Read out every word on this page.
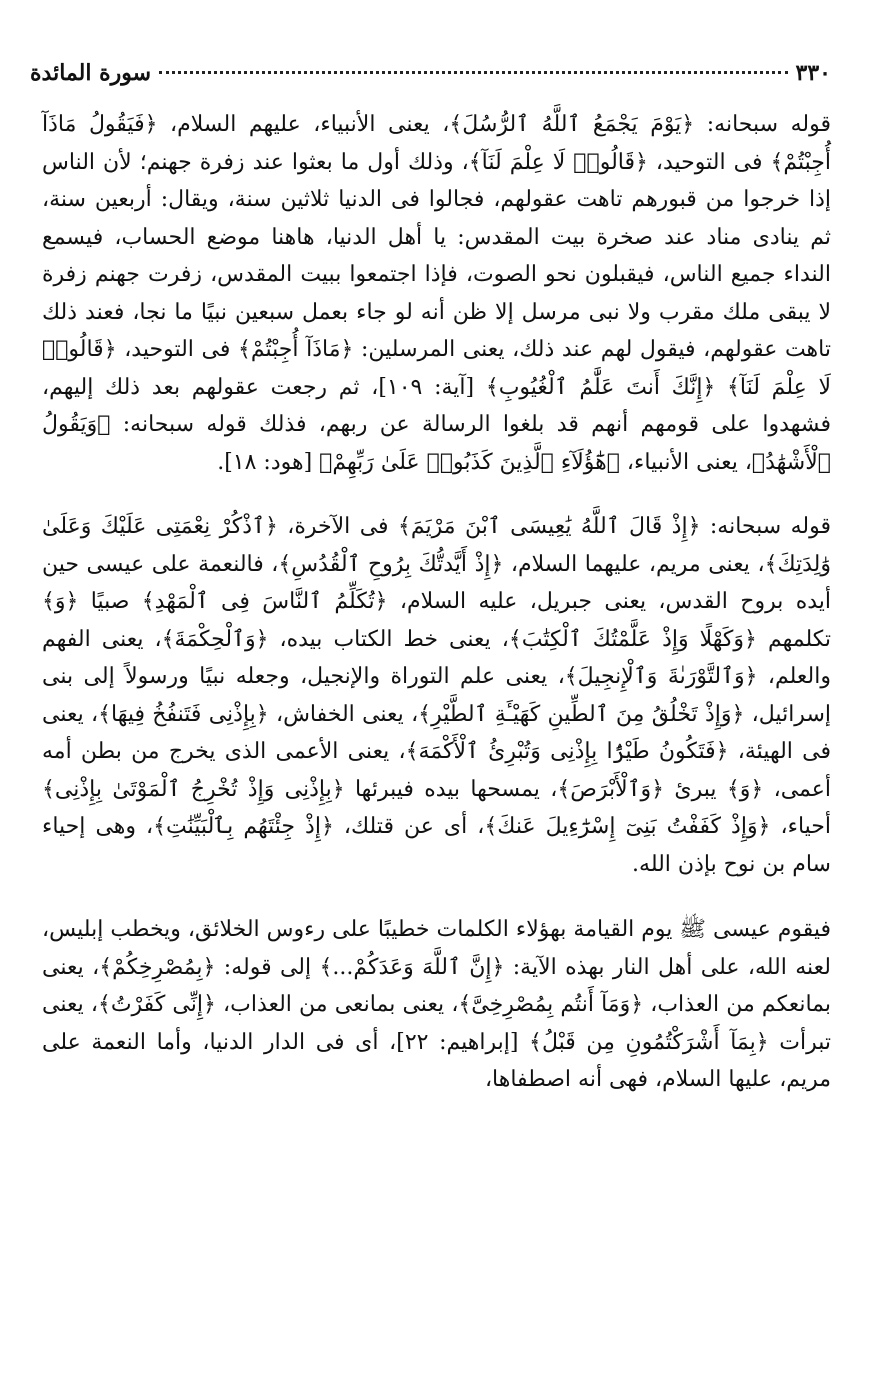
٣٣٠
سورة المائدة

قوله سبحانه: ﴿يَوْمَ يَجْمَعُ ٱللَّهُ ٱلرُّسُلَ﴾، يعنى الأنبياء، عليهم السلام، ﴿فَيَقُولُ مَاذَآ أُجِبْتُمْ﴾ فى التوحيد، ﴿قَالُوا۟ لَا عِلْمَ لَنَآ﴾، وذلك أول ما بعثوا عند زفرة جهنم؛ لأن الناس إذا خرجوا من قبورهم تاهت عقولهم، فجالوا فى الدنيا ثلاثين سنة، ويقال: أربعين سنة، ثم ينادى مناد عند صخرة بيت المقدس: يا أهل الدنيا، هاهنا موضع الحساب، فيسمع النداء جميع الناس، فيقبلون نحو الصوت، فإذا اجتمعوا ببيت المقدس، زفرت جهنم زفرة لا يبقى ملك مقرب ولا نبى مرسل إلا ظن أنه لو جاء بعمل سبعين نبيًا ما نجا، فعند ذلك تاهت عقولهم، فيقول لهم عند ذلك، يعنى المرسلين: ﴿مَاذَآ أُجِبْتُمْ﴾ فى التوحيد، ﴿قَالُوا۟ لَا عِلْمَ لَنَآ﴾ ﴿إِنَّكَ أَنتَ عَلَّٰمُ ٱلْغُيُوبِ﴾ [آية: ١٠٩]، ثم رجعت عقولهم بعد ذلك إليهم، فشهدوا على قومهم أنهم قد بلغوا الرسالة عن ربهم، فذلك قوله سبحانه: ﴿وَيَقُولُ ٱلْأَشْهَٰدُ﴾، يعنى الأنبياء، ﴿هَٰٓؤُلَآءِ ٱلَّذِينَ كَذَبُوا۟ عَلَىٰ رَبِّهِمْ﴾ [هود: ١٨].

قوله سبحانه: ﴿إِذْ قَالَ ٱللَّهُ يَٰعِيسَى ٱبْنَ مَرْيَمَ﴾ فى الآخرة، ﴿ٱذْكُرْ نِعْمَتِى عَلَيْكَ وَعَلَىٰ وَٰلِدَتِكَ﴾، يعنى مريم، عليهما السلام، ﴿إِذْ أَيَّدتُّكَ بِرُوحِ ٱلْقُدُسِ﴾، فالنعمة على عيسى حين أيده بروح القدس، يعنى جبريل، عليه السلام، ﴿تُكَلِّمُ ٱلنَّاسَ فِى ٱلْمَهْدِ﴾ صبيًا ﴿وَ﴾ تكلمهم ﴿وَكَهْلًا وَإِذْ عَلَّمْتُكَ ٱلْكِتَٰبَ﴾، يعنى خط الكتاب بيده، ﴿وَٱلْحِكْمَةَ﴾، يعنى الفهم والعلم، ﴿وَٱلتَّوْرَىٰةَ وَٱلْإِنجِيلَ﴾، يعنى علم التوراة والإنجيل، وجعله نبيًا ورسولاً إلى بنى إسرائيل، ﴿وَإِذْ تَخْلُقُ مِنَ ٱلطِّينِ كَهَيْـَٔةِ ٱلطَّيْرِ﴾، يعنى الخفاش، ﴿بِإِذْنِى فَتَنفُخُ فِيهَا﴾، يعنى فى الهيئة، ﴿فَتَكُونُ طَيْرًۢا بِإِذْنِى وَتُبْرِئُ ٱلْأَكْمَهَ﴾، يعنى الأعمى الذى يخرج من بطن أمه أعمى، ﴿وَ﴾ يبرئ ﴿وَٱلْأَبْرَصَ﴾، يمسحها بيده فيبرئها ﴿بِإِذْنِى وَإِذْ تُخْرِجُ ٱلْمَوْتَىٰ بِإِذْنِى﴾ أحياء، ﴿وَإِذْ كَفَفْتُ بَنِىٓ إِسْرَٰٓءِيلَ عَنكَ﴾، أى عن قتلك، ﴿إِذْ جِئْتَهُم بِٱلْبَيِّنَٰتِ﴾، وهى إحياء سام بن نوح بإذن الله.

فيقوم عيسى ﷺ يوم القيامة بهؤلاء الكلمات خطيبًا على رءوس الخلائق، ويخطب إبليس، لعنه الله، على أهل النار بهذه الآية: ﴿إِنَّ ٱللَّهَ وَعَدَكُمْ...﴾ إلى قوله: ﴿بِمُصْرِخِكُمْ﴾، يعنى بمانعكم من العذاب، ﴿وَمَآ أَنتُم بِمُصْرِخِىَّ﴾، يعنى بمانعى من العذاب، ﴿إِنِّى كَفَرْتُ﴾، يعنى تبرأت ﴿بِمَآ أَشْرَكْتُمُونِ مِن قَبْلُ﴾ [إبراهيم: ٢٢]، أى فى الدار الدنيا، وأما النعمة على مريم، عليها السلام، فهى أنه اصطفاها،
